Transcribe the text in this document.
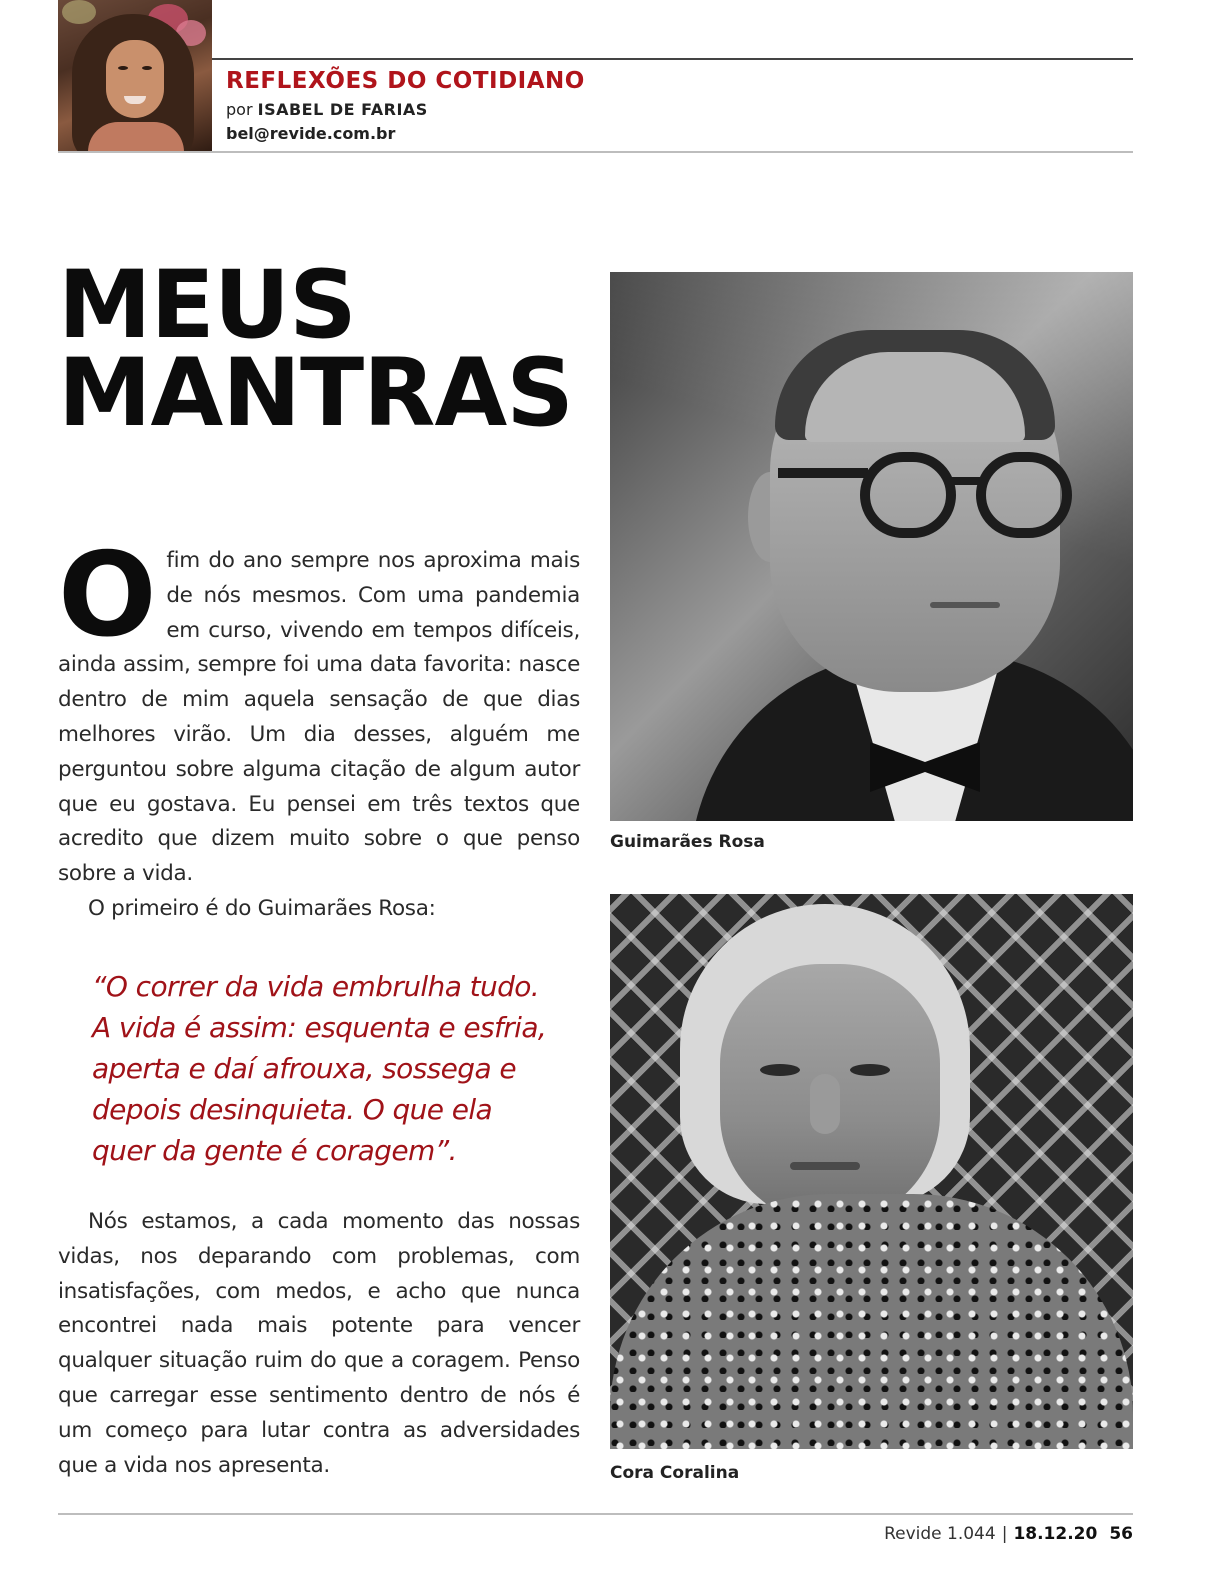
REFLEXÕES DO COTIDIANO
por ISABEL DE FARIAS
bel@revide.com.br
MEUS
MANTRAS
O fim do ano sempre nos aproxima mais de nós mesmos. Com uma pandemia em curso, vivendo em tempos difíceis, ainda assim, sempre foi uma data favorita: nasce dentro de mim aquela sensação de que dias melhores virão. Um dia desses, alguém me perguntou sobre alguma citação de algum autor que eu gostava. Eu pensei em três textos que acredito que dizem muito sobre o que penso sobre a vida.
O primeiro é do Guimarães Rosa:
“O correr da vida embrulha tudo.
A vida é assim: esquenta e esfria,
aperta e daí afrouxa, sossega e
depois desinquieta. O que ela
quer da gente é coragem”.
Nós estamos, a cada momento das nossas vidas, nos deparando com problemas, com insatisfações, com medos, e acho que nunca encontrei nada mais potente para vencer qualquer situação ruim do que a coragem. Penso que carregar esse sentimento dentro de nós é um começo para lutar contra as adversidades que a vida nos apresenta.
Guimarães Rosa
Cora Coralina
Revide 1.044 | 18.12.20 56
